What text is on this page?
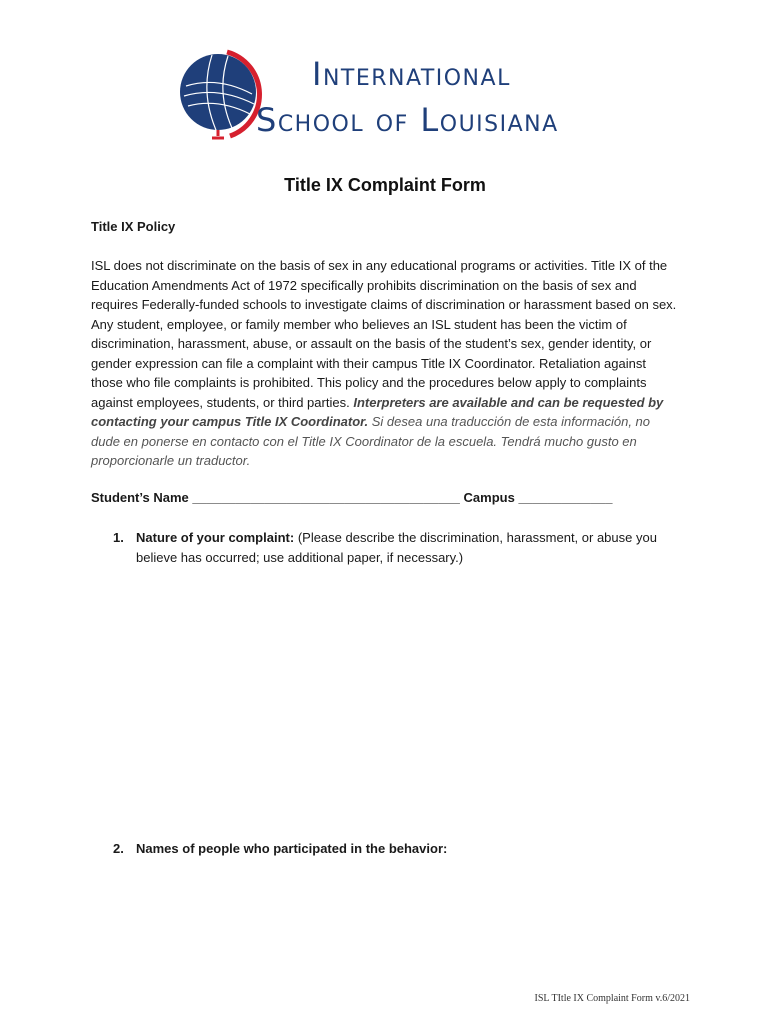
International
School of Louisiana
Title IX Complaint Form
Title IX Policy
ISL does not discriminate on the basis of sex in any educational programs or activities. Title IX of the Education Amendments Act of 1972 specifically prohibits discrimination on the basis of sex and requires Federally-funded schools to investigate claims of discrimination or harassment based on sex. Any student, employee, or family member who believes an ISL student has been the victim of discrimination, harassment, abuse, or assault on the basis of the student’s sex, gender identity, or gender expression can file a complaint with their campus Title IX Coordinator. Retaliation against those who file complaints is prohibited. This policy and the procedures below apply to complaints against employees, students, or third parties. Interpreters are available and can be requested by contacting your campus Title IX Coordinator. Si desea una traducción de esta información, no dude en ponerse en contacto con el Title IX Coordinator de la escuela. Tendrá mucho gusto en proporcionarle un traductor.
Student’s Name _____________________________________ Campus _____________
1. Nature of your complaint: (Please describe the discrimination, harassment, or abuse you believe has occurred; use additional paper, if necessary.)
2. Names of people who participated in the behavior:
ISL TItle IX Complaint Form v.6/2021
